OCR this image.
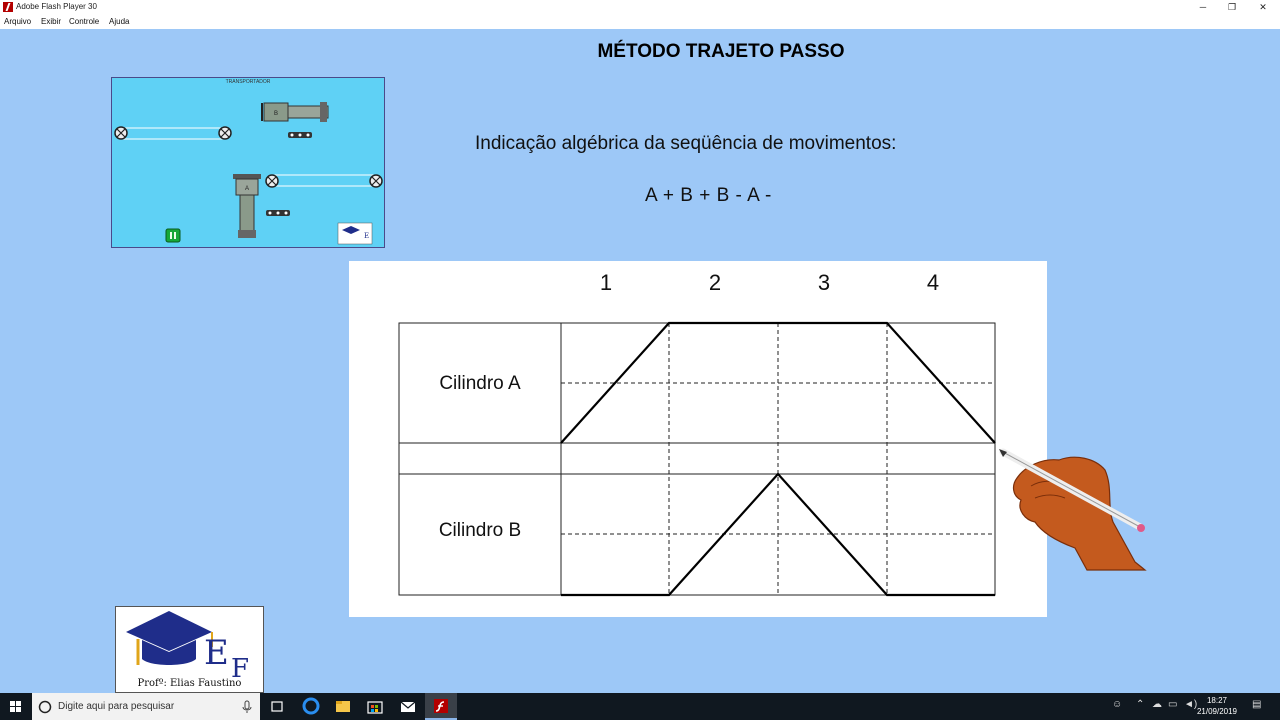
Adobe Flash Player 30	─	❐	✕
Arquivo Exibir Controle Ajuda
MÉTODO TRAJETO PASSO
Indicação algébrica da seqüência de movimentos:
A + B + B - A -
TRANSPORTADOR
B
A
E
1	2	3	4
Cilindro A
Cilindro B
E F
Profº: Elias Faustino
Digite aqui para pesquisar	☺ ⌃ ☁ ▭ ◄)	18:27
21/09/2019
▤
